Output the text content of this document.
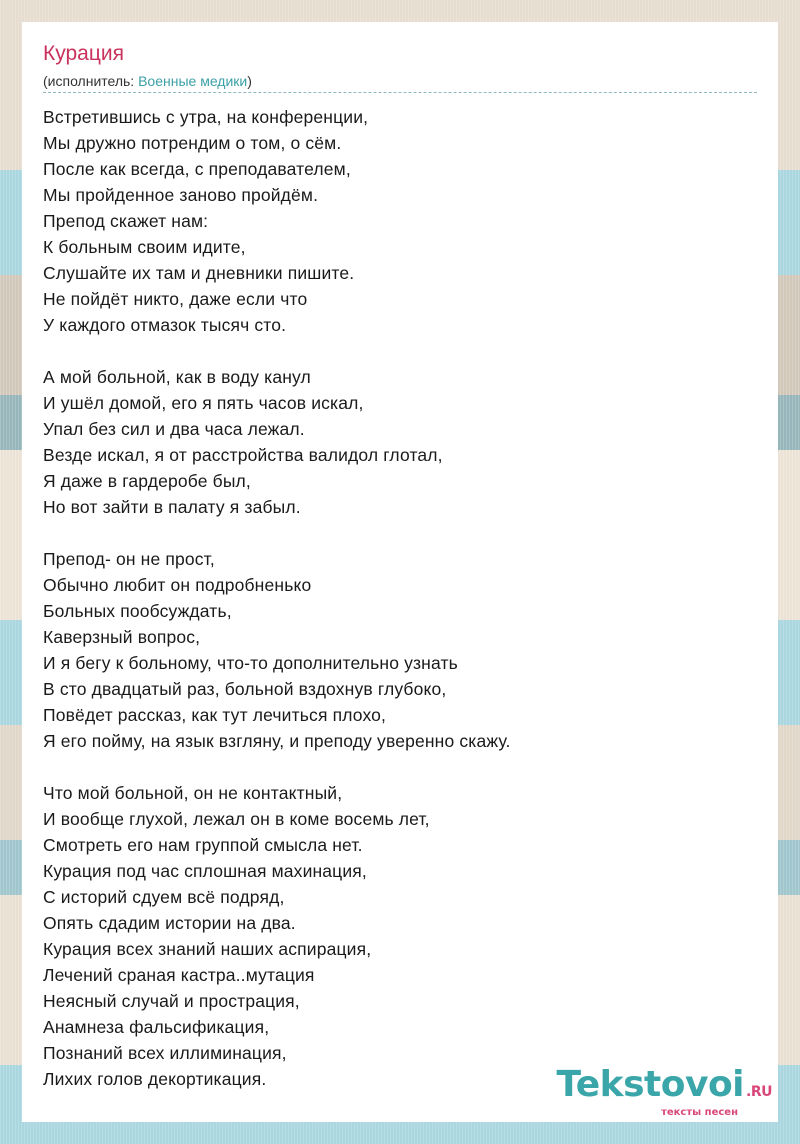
Курация
(исполнитель: Военные медики)
Встретившись с утра, на конференции,
Мы дружно потрендим о том, о сём.
После как всегда, с преподавателем,
Мы пройденное заново пройдём.
Препод скажет нам:
К больным своим идите,
Слушайте их там и дневники пишите.
Не пойдёт никто, даже если что
У каждого отмазок тысяч сто.
А мой больной, как в воду канул
И ушёл домой, его я пять часов искал,
Упал без сил и два часа лежал.
Везде искал, я от расстройства валидол глотал,
Я даже в гардеробе был,
Но вот зайти в палату я забыл.
Препод- он не прост,
Обычно любит он подробненько
Больных пообсуждать,
Каверзный вопрос,
И я бегу к больному, что-то дополнительно узнать
В сто двадцатый раз, больной вздохнув глубоко,
Повёдет рассказ, как тут лечиться плохо,
Я его пойму, на язык взгляну, и преподу уверенно скажу.
Что мой больной, он не контактный,
И вообще глухой, лежал он в коме восемь лет,
Смотреть его нам группой смысла нет.
Курация под час сплошная махинация,
С историй сдуем всё подряд,
Опять сдадим истории на два.
Курация всех знаний наших аспирация,
Лечений сраная кастра..мутация
Неясный случай и прострация,
Анамнеза фальсификация,
Познаний всех иллиминация,
Лихих голов декортикация.	Tekstovoi .RU
тексты песен
